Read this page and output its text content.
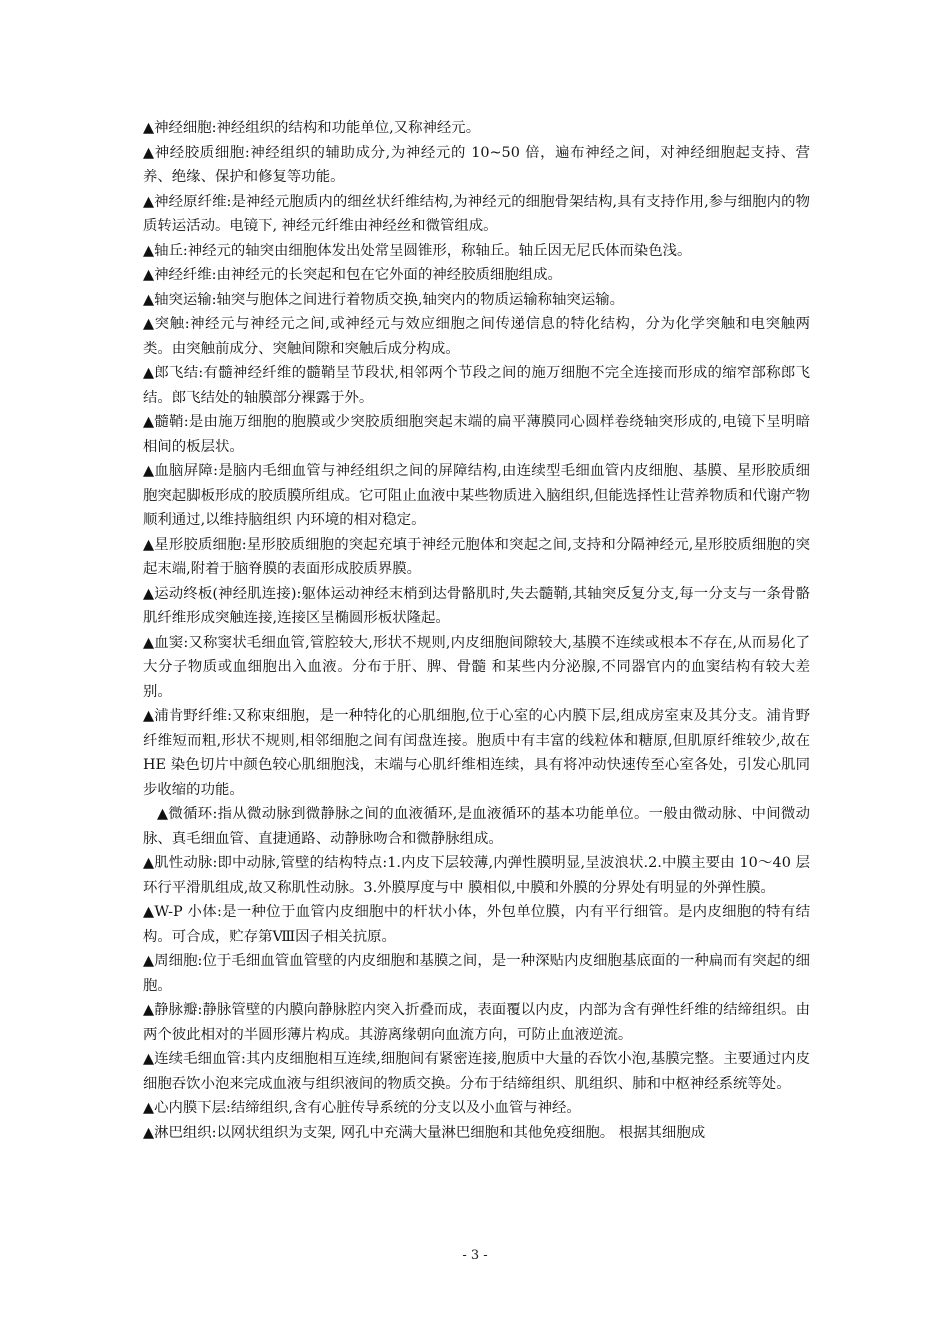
▲神经细胞:神经组织的结构和功能单位,又称神经元。

▲神经胶质细胞:神经组织的辅助成分,为神经元的 10~50 倍，遍布神经之间，对神经细胞起支持、营养、绝缘、保护和修复等功能。

▲神经原纤维:是神经元胞质内的细丝状纤维结构,为神经元的细胞骨架结构,具有支持作用,参与细胞内的物质转运活动。电镜下, 神经元纤维由神经丝和微管组成。

▲轴丘:神经元的轴突由细胞体发出处常呈圆锥形，称轴丘。轴丘因无尼氏体而染色浅。

▲神经纤维:由神经元的长突起和包在它外面的神经胶质细胞组成。

▲轴突运输:轴突与胞体之间进行着物质交换,轴突内的物质运输称轴突运输。

▲突触:神经元与神经元之间,或神经元与效应细胞之间传递信息的特化结构，分为化学突触和电突触两类。由突触前成分、突触间隙和突触后成分构成。

▲郎飞结:有髓神经纤维的髓鞘呈节段状,相邻两个节段之间的施万细胞不完全连接而形成的缩窄部称郎飞结。郎飞结处的轴膜部分裸露于外。

▲髓鞘:是由施万细胞的胞膜或少突胶质细胞突起末端的扁平薄膜同心圆样卷绕轴突形成的,电镜下呈明暗相间的板层状。

▲血脑屏障:是脑内毛细血管与神经组织之间的屏障结构,由连续型毛细血管内皮细胞、基膜、星形胶质细胞突起脚板形成的胶质膜所组成。它可阻止血液中某些物质进入脑组织,但能选择性让营养物质和代谢产物顺利通过,以维持脑组织 内环境的相对稳定。

▲星形胶质细胞:星形胶质细胞的突起充填于神经元胞体和突起之间,支持和分隔神经元,星形胶质细胞的突起末端,附着于脑脊膜的表面形成胶质界膜。

▲运动终板(神经肌连接):躯体运动神经末梢到达骨骼肌时,失去髓鞘,其轴突反复分支,每一分支与一条骨骼肌纤维形成突触连接,连接区呈椭圆形板状隆起。

▲血窦:又称窦状毛细血管,管腔较大,形状不规则,内皮细胞间隙较大,基膜不连续或根本不存在,从而易化了大分子物质或血细胞出入血液。分布于肝、脾、骨髓 和某些内分泌腺,不同器官内的血窦结构有较大差别。

▲浦肯野纤维:又称束细胞，是一种特化的心肌细胞,位于心室的心内膜下层,组成房室束及其分支。浦肯野纤维短而粗,形状不规则,相邻细胞之间有闰盘连接。胞质中有丰富的线粒体和糖原,但肌原纤维较少,故在 HE 染色切片中颜色较心肌细胞浅，末端与心肌纤维相连续，具有将冲动快速传至心室各处，引发心肌同步收缩的功能。

▲微循环:指从微动脉到微静脉之间的血液循环,是血液循环的基本功能单位。一般由微动脉、中间微动脉、真毛细血管、直捷通路、动静脉吻合和微静脉组成。

▲肌性动脉:即中动脉,管壁的结构特点:1.内皮下层较薄,内弹性膜明显,呈波浪状.2.中膜主要由 10～40 层环行平滑肌组成,故又称肌性动脉。3.外膜厚度与中 膜相似,中膜和外膜的分界处有明显的外弹性膜。

▲W-P 小体:是一种位于血管内皮细胞中的杆状小体，外包单位膜，内有平行细管。是内皮细胞的特有结构。可合成，贮存第Ⅷ因子相关抗原。

▲周细胞:位于毛细血管血管壁的内皮细胞和基膜之间，是一种深贴内皮细胞基底面的一种扁而有突起的细胞。

▲静脉瓣:静脉管壁的内膜向静脉腔内突入折叠而成，表面覆以内皮，内部为含有弹性纤维的结缔组织。由两个彼此相对的半圆形薄片构成。其游离缘朝向血流方向，可防止血液逆流。

▲连续毛细血管:其内皮细胞相互连续,细胞间有紧密连接,胞质中大量的吞饮小泡,基膜完整。主要通过内皮细胞吞饮小泡来完成血液与组织液间的物质交换。分布于结缔组织、肌组织、肺和中枢神经系统等处。

▲心内膜下层:结缔组织,含有心脏传导系统的分支以及小血管与神经。

▲淋巴组织:以网状组织为支架, 网孔中充满大量淋巴细胞和其他免疫细胞。 根据其细胞成

- 3 -
